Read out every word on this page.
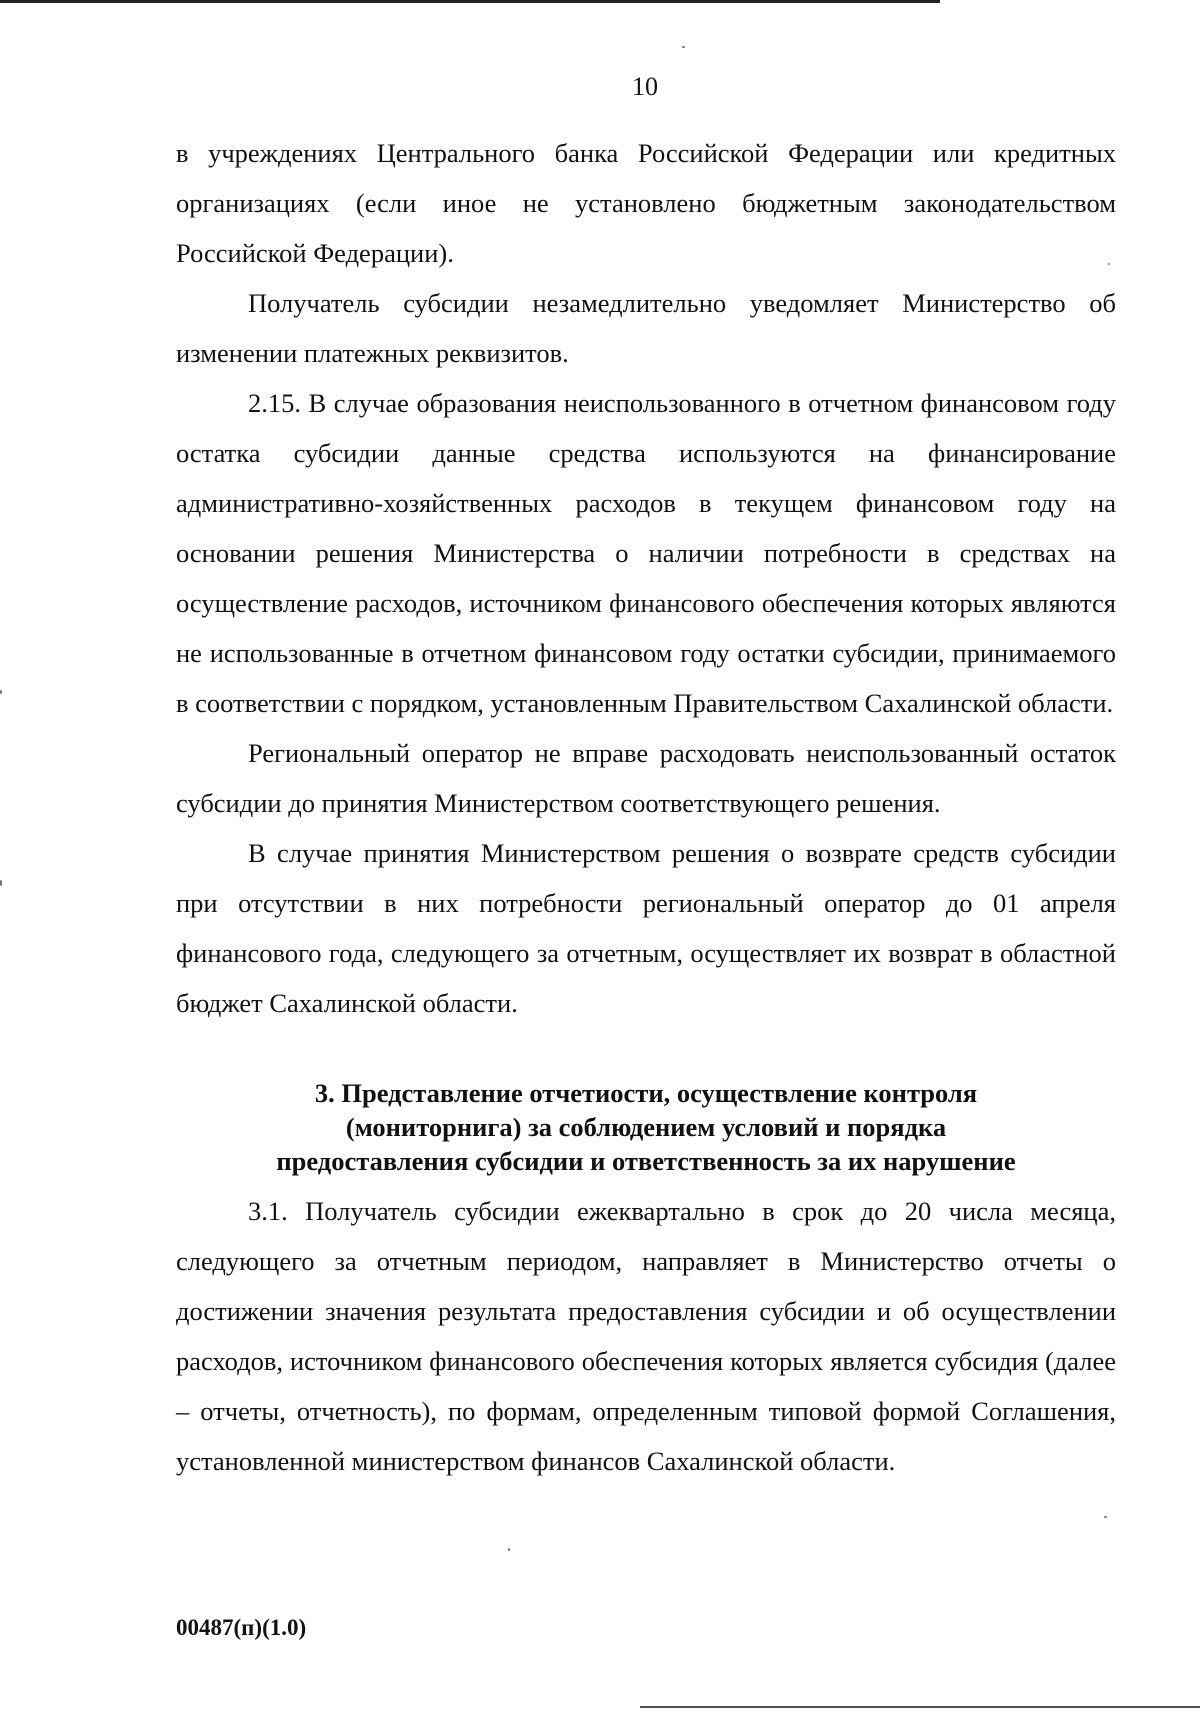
10

в учреждениях Центрального банка Российской Федерации или кредитных организациях (если иное не установлено бюджетным законодательством Российской Федерации).

Получатель субсидии незамедлительно уведомляет Министерство об изменении платежных реквизитов.

2.15. В случае образования неиспользованного в отчетном финансовом году остатка субсидии данные средства используются на финансирование административно-хозяйственных расходов в текущем финансовом году на основании решения Министерства о наличии потребности в средствах на осуществление расходов, источником финансового обеспечения которых являются не использованные в отчетном финансовом году остатки субсидии, принимаемого в соответствии с порядком, установленным Правительством Сахалинской области.

Региональный оператор не вправе расходовать неиспользованный остаток субсидии до принятия Министерством соответствующего решения.

В случае принятия Министерством решения о возврате средств субсидии при отсутствии в них потребности региональный оператор до 01 апреля финансового года, следующего за отчетным, осуществляет их возврат в областной бюджет Сахалинской области.

3. Представление отчетиости, осуществление контроля
(мониторнига) за соблюдением условий и порядка
предоставления субсидии и ответственность за их нарушение

3.1. Получатель субсидии ежеквартально в срок до 20 числа месяца, следующего за отчетным периодом, направляет в Министерство отчеты о достижении значения результата предоставления субсидии и об осуществлении расходов, источником финансового обеспечения которых является субсидия (далее – отчеты, отчетность), по формам, определенным типовой формой Соглашения, установленной министерством финансов Сахалинской области.

00487(п)(1.0)
